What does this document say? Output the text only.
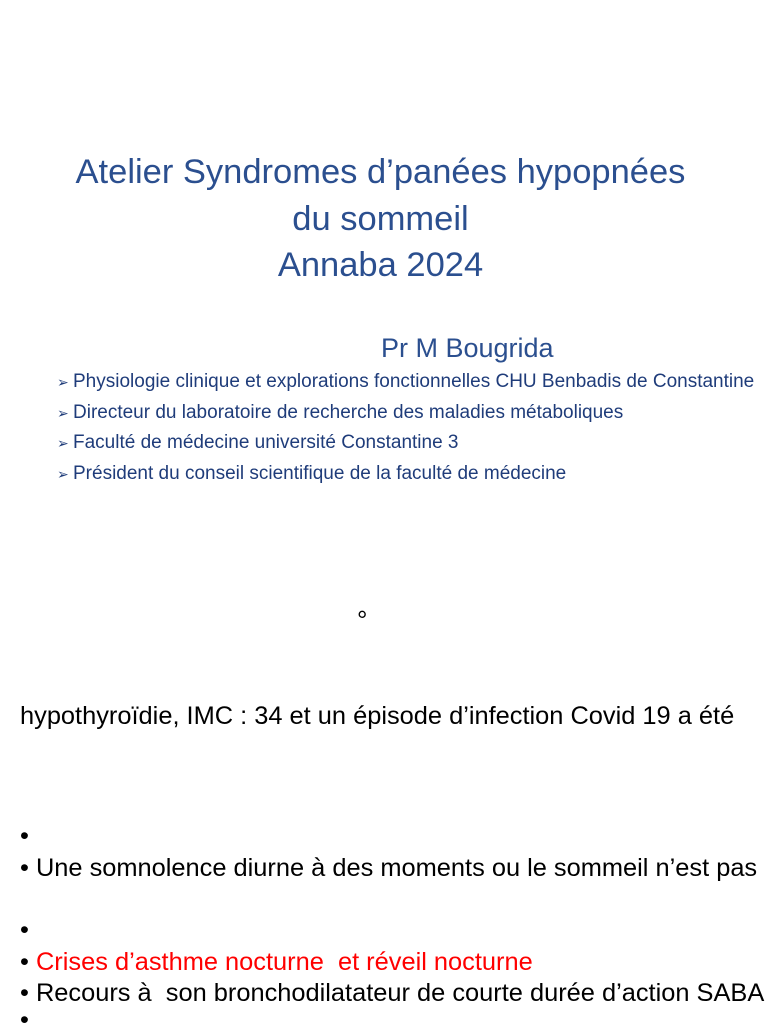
Atelier Syndromes d’panées hypopnées
du sommeil
Annaba 2024
Pr M Bougrida
➢ Physiologie clinique et explorations fonctionnelles CHU Benbadis de Constantine
➢ Directeur du laboratoire de recherche des maladies métaboliques
➢ Faculté de médecine université Constantine 3
➢ Président du conseil scientifique de la faculté de médecine
°
hypothyroïdie, IMC : 34 et un épisode d’infection Covid 19 a été
•
• Une somnolence diurne à des moments ou le sommeil n’est pas
•
• Crises d’asthme nocturne  et réveil nocturne
• Recours à  son bronchodilatateur de courte durée d’action SABA
•
